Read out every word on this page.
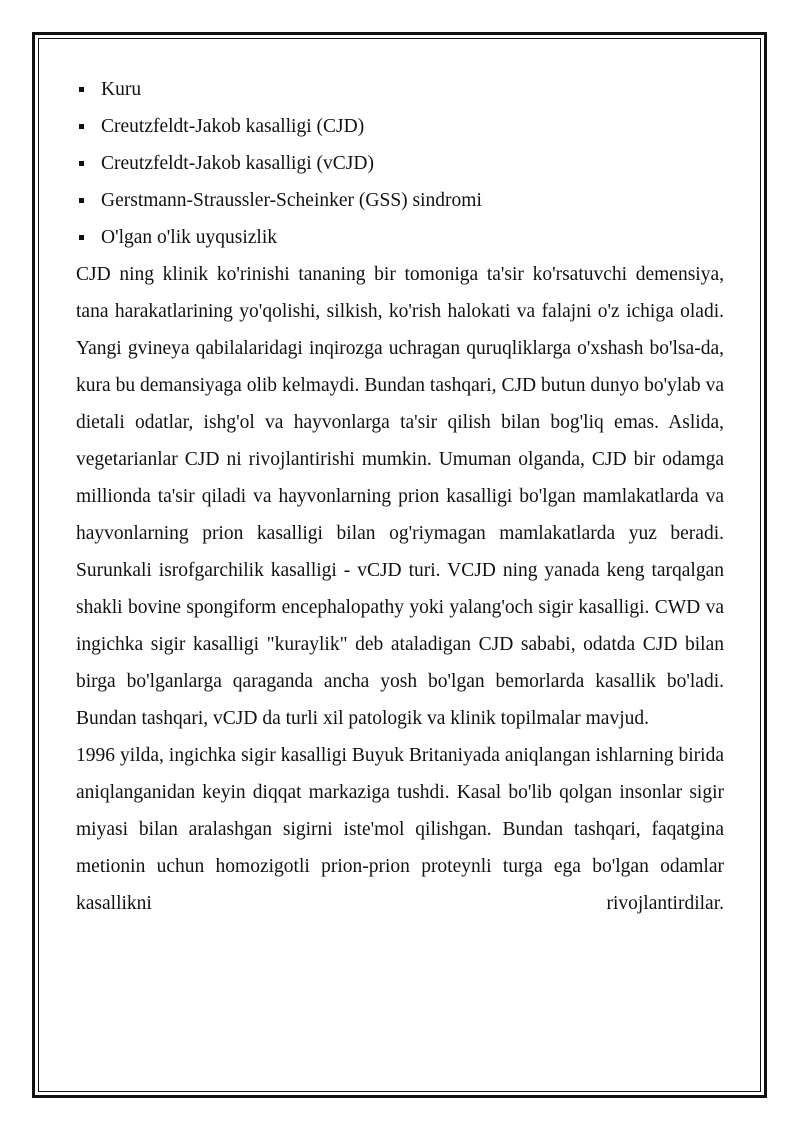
Kuru
Creutzfeldt-Jakob kasalligi (CJD)
Creutzfeldt-Jakob kasalligi (vCJD)
Gerstmann-Straussler-Scheinker (GSS) sindromi
O'lgan o'lik uyqusizlik

CJD ning klinik ko'rinishi tananing bir tomoniga ta'sir ko'rsatuvchi demensiya, tana harakatlarining yo'qolishi, silkish, ko'rish halokati va falajni o'z ichiga oladi. Yangi gvineya qabilalaridagi inqirozga uchragan quruqliklarga o'xshash bo'lsa-da, kura bu demansiyaga olib kelmaydi. Bundan tashqari, CJD butun dunyo bo'ylab va dietali odatlar, ishg'ol va hayvonlarga ta'sir qilish bilan bog'liq emas. Aslida, vegetarianlar CJD ni rivojlantirishi mumkin. Umuman olganda, CJD bir odamga millionda ta'sir qiladi va hayvonlarning prion kasalligi bo'lgan mamlakatlarda va hayvonlarning prion kasalligi bilan og'riymagan mamlakatlarda yuz beradi. Surunkali isrofgarchilik kasalligi - vCJD turi. VCJD ning yanada keng tarqalgan shakli bovine spongiform encephalopathy yoki yalang'och sigir kasalligi. CWD va ingichka sigir kasalligi "kuraylik" deb ataladigan CJD sababi, odatda CJD bilan birga bo'lganlarga qaraganda ancha yosh bo'lgan bemorlarda kasallik bo'ladi. Bundan tashqari, vCJD da turli xil patologik va klinik topilmalar mavjud.

1996 yilda, ingichka sigir kasalligi Buyuk Britaniyada aniqlangan ishlarning birida aniqlanganidan keyin diqqat markaziga tushdi. Kasal bo'lib qolgan insonlar sigir miyasi bilan aralashgan sigirni iste'mol qilishgan. Bundan tashqari, faqatgina metionin uchun homozigotli prion-prion proteynli turga ega bo'lgan odamlar kasallikni rivojlantirdilar.
